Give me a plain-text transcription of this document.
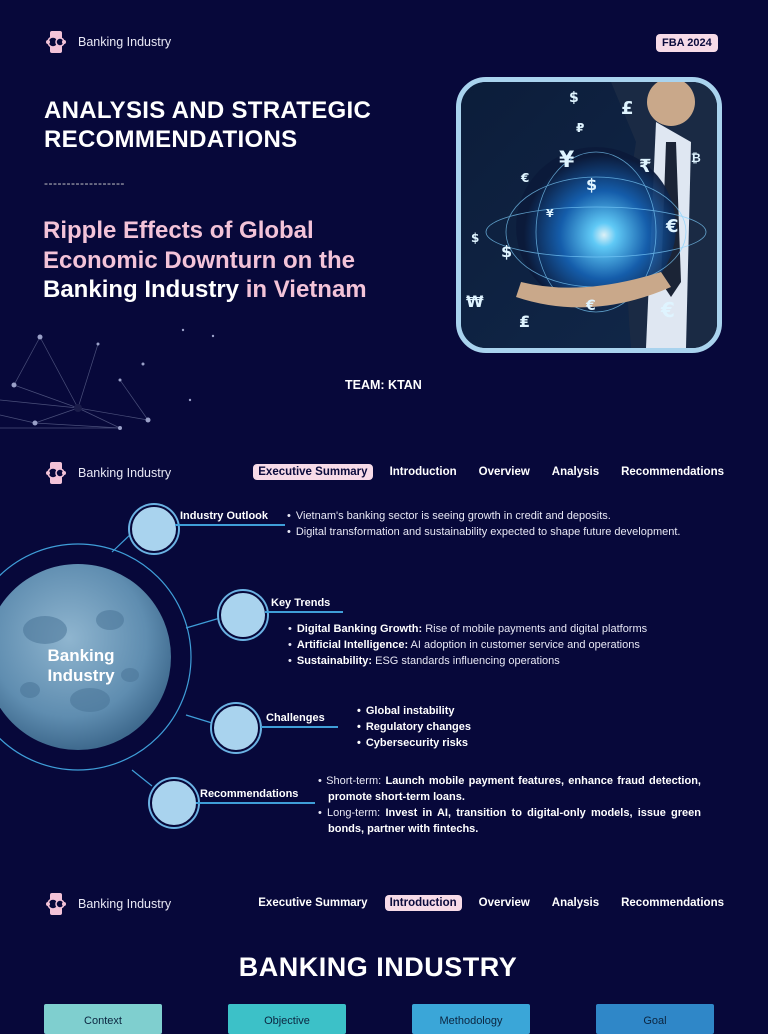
Banking Industry	FBA 2024
ANALYSIS AND STRATEGIC
RECOMMENDATIONS
------------------
Ripple Effects of Global Economic Downturn on the Banking Industry in Vietnam
TEAM: KTAN
$ £
₽
¥	₹
$
€
€
$
₩
₤
€	€
$
¥
₿
Banking Industry	Executive Summary	Introduction	Overview	Analysis	Recommendations
Banking
Industry
Industry Outlook
•	Vietnam's banking sector is seeing growth in credit and deposits.
• Digital transformation and sustainability expected to shape future development.
Key Trends
• Digital Banking Growth: Rise of mobile payments and digital platforms
• Artificial Intelligence: AI adoption in customer service and operations
• Sustainability: ESG standards influencing operations
Challenges
• Global instability
• Regulatory changes
• Cybersecurity risks
Recommendations
• Short-term: Launch mobile payment features, enhance fraud detection, promote short-term loans.
• Long-term: Invest in AI, transition to digital-only models, issue green bonds, partner with fintechs.
Banking Industry	Executive Summary	Introduction	Overview	Analysis	Recommendations
BANKING INDUSTRY
Context	Objective	Methodology	Goal
